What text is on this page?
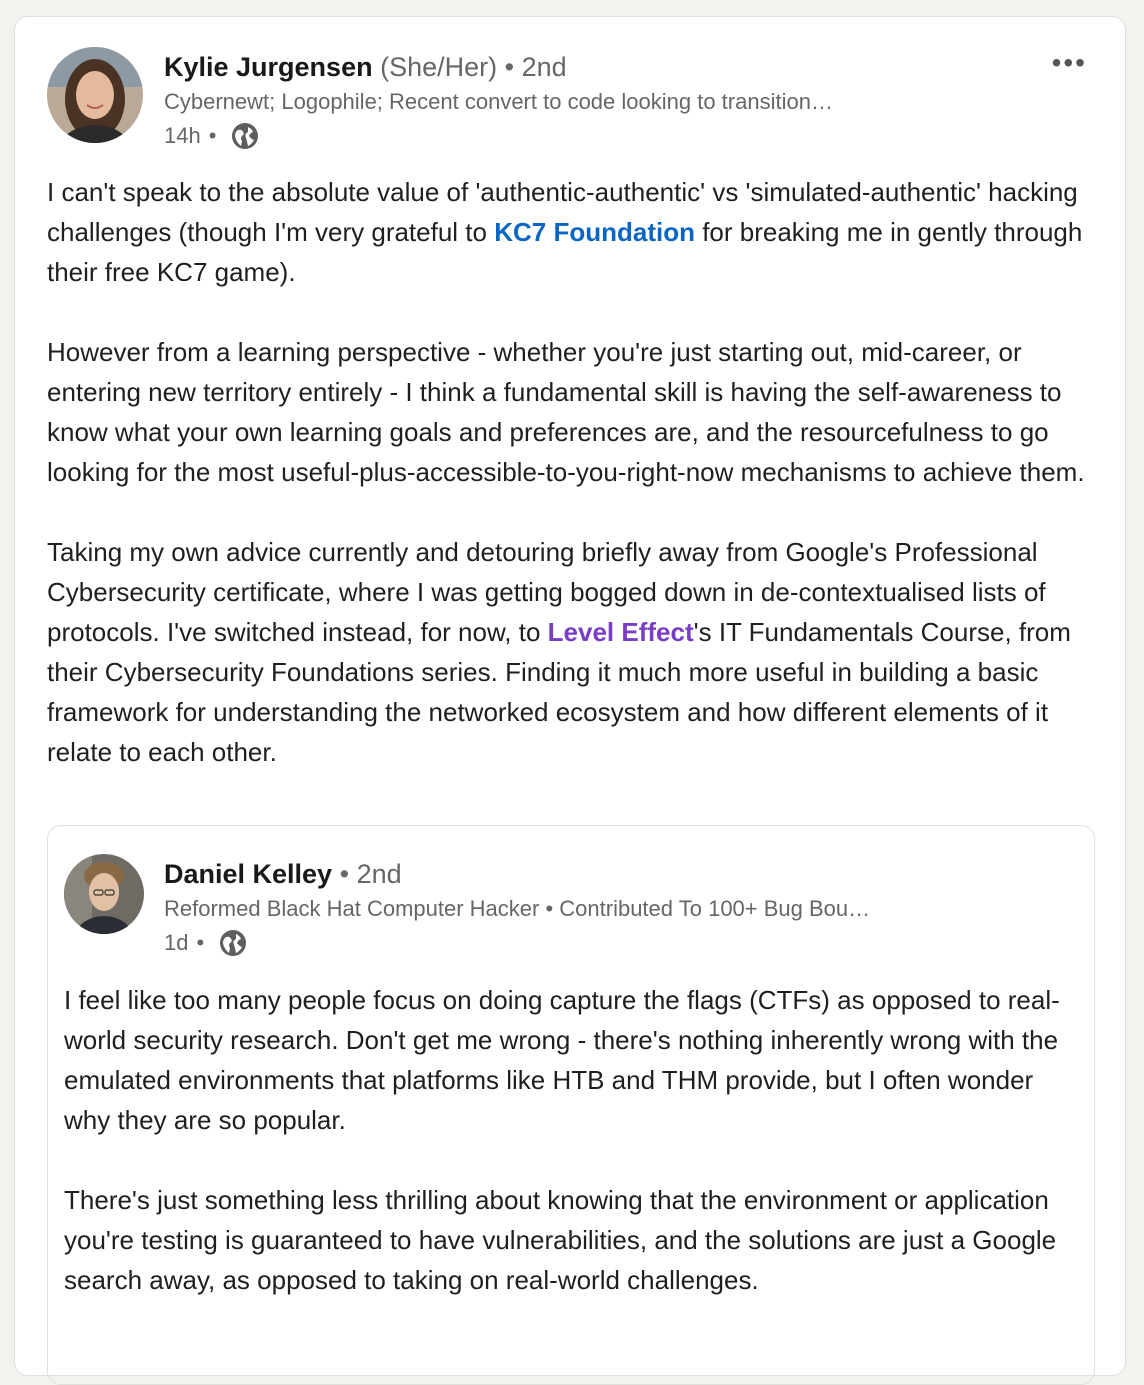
•••
Kylie Jurgensen (She/Her) • 2nd
Cybernewt; Logophile; Recent convert to code looking to transition…
14h •

I can't speak to the absolute value of 'authentic-authentic' vs 'simulated-authentic' hacking challenges (though I'm very grateful to KC7 Foundation for breaking me in gently through their free KC7 game).

However from a learning perspective - whether you're just starting out, mid-career, or entering new territory entirely - I think a fundamental skill is having the self-awareness to know what your own learning goals and preferences are, and the resourcefulness to go looking for the most useful-plus-accessible-to-you-right-now mechanisms to achieve them.

Taking my own advice currently and detouring briefly away from Google's Professional Cybersecurity certificate, where I was getting bogged down in de-contextualised lists of protocols. I've switched instead, for now, to Level Effect's IT Fundamentals Course, from their Cybersecurity Foundations series. Finding it much more useful in building a basic framework for understanding the networked ecosystem and how different elements of it relate to each other.

Daniel Kelley • 2nd
Reformed Black Hat Computer Hacker • Contributed To 100+ Bug Bou…
1d •

I feel like too many people focus on doing capture the flags (CTFs) as opposed to real-world security research. Don't get me wrong - there's nothing inherently wrong with the emulated environments that platforms like HTB and THM provide, but I often wonder why they are so popular.

There's just something less thrilling about knowing that the environment or application you're testing is guaranteed to have vulnerabilities, and the solutions are just a Google search away, as opposed to taking on real-world challenges.
